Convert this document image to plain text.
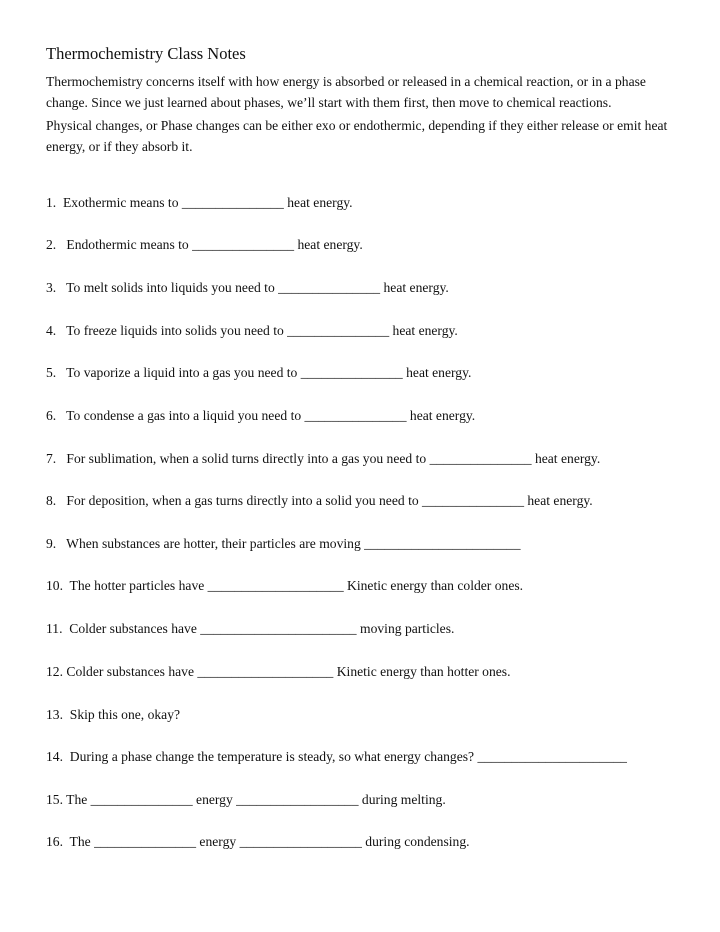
Thermochemistry Class Notes

Thermochemistry concerns itself with how energy is absorbed or released in a chemical reaction, or in a phase change. Since we just learned about phases, we’ll start with them first, then move to chemical reactions.

Physical changes, or Phase changes can be either exo or endothermic, depending if they either release or emit heat energy, or if they absorb it.

1.  Exothermic means to _______________ heat energy.

2.   Endothermic means to _______________ heat energy.

3.   To melt solids into liquids you need to _______________ heat energy.

4.   To freeze liquids into solids you need to _______________ heat energy.

5.   To vaporize a liquid into a gas you need to _______________ heat energy.

6.   To condense a gas into a liquid you need to _______________ heat energy.

7.   For sublimation, when a solid turns directly into a gas you need to _______________ heat energy.

8.   For deposition, when a gas turns directly into a solid you need to _______________ heat energy.

9.   When substances are hotter, their particles are moving _______________________

10.  The hotter particles have ____________________ Kinetic energy than colder ones.

11.  Colder substances have _______________________ moving particles.

12. Colder substances have ____________________ Kinetic energy than hotter ones.

13.  Skip this one, okay?

14.  During a phase change the temperature is steady, so what energy changes? ______________________

15. The _______________ energy __________________ during melting.

16.  The _______________ energy __________________ during condensing.
